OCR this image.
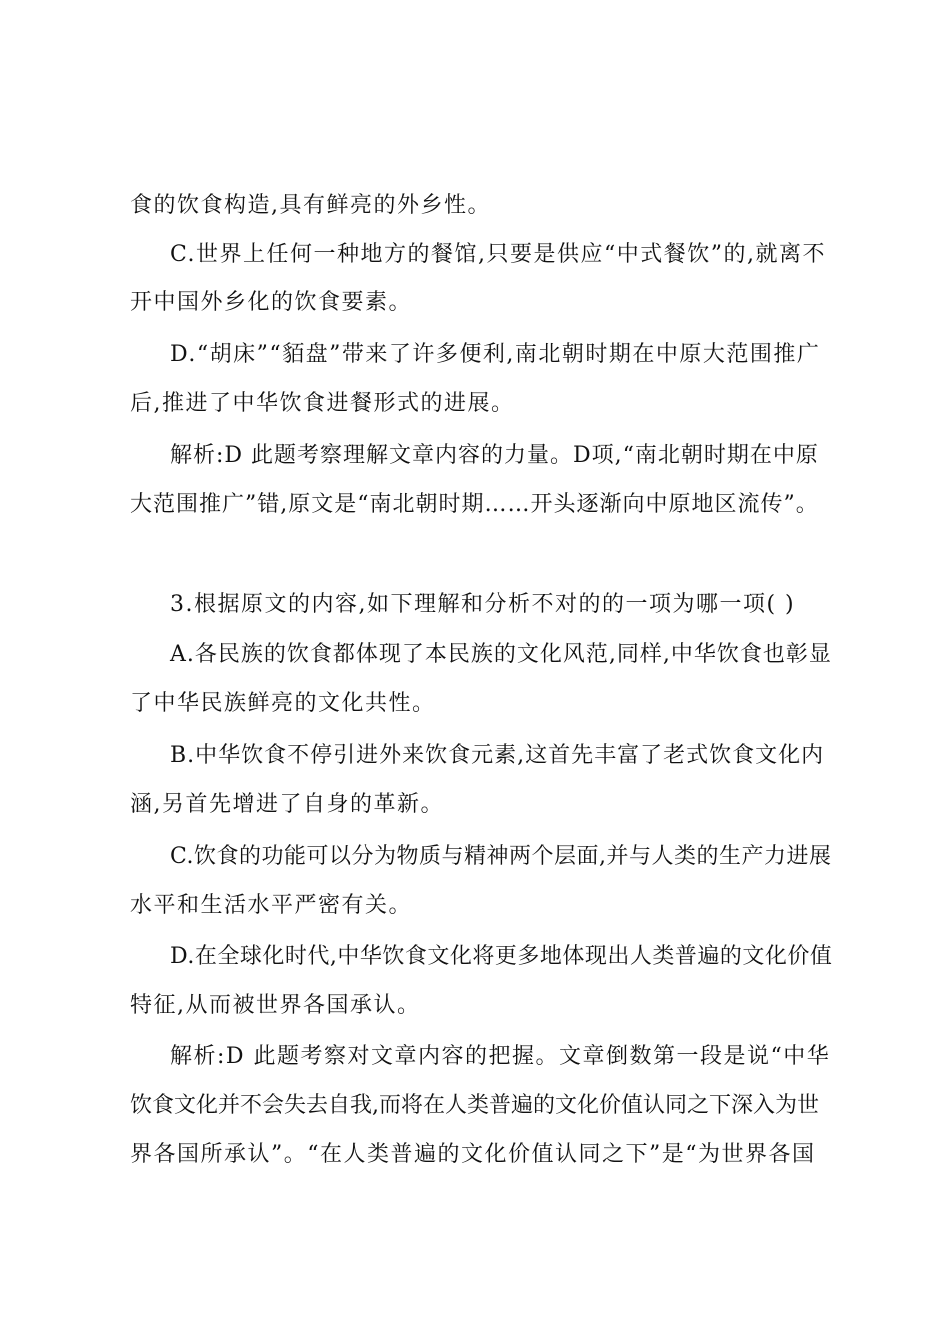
食的饮食构造,具有鲜亮的外乡性。
C.世界上任何一种地方的餐馆,只要是供应“中式餐饮”的,就离不
开中国外乡化的饮食要素。
D.“胡床”“貊盘”带来了许多便利,南北朝时期在中原大范围推广
后,推进了中华饮食进餐形式的进展。
解析:D 此题考察理解文章内容的力量。D项,“南北朝时期在中原
大范围推广”错,原文是“南北朝时期……开头逐渐向中原地区流传”。
3.根据原文的内容,如下理解和分析不对的的一项为哪一项( )
A.各民族的饮食都体现了本民族的文化风范,同样,中华饮食也彰显
了中华民族鲜亮的文化共性。
B.中华饮食不停引进外来饮食元素,这首先丰富了老式饮食文化内
涵,另首先增进了自身的革新。
C.饮食的功能可以分为物质与精神两个层面,并与人类的生产力进展
水平和生活水平严密有关。
D.在全球化时代,中华饮食文化将更多地体现出人类普遍的文化价值
特征,从而被世界各国承认。
解析:D 此题考察对文章内容的把握。文章倒数第一段是说“中华
饮食文化并不会失去自我,而将在人类普遍的文化价值认同之下深入为世
界各国所承认”。“在人类普遍的文化价值认同之下”是“为世界各国
